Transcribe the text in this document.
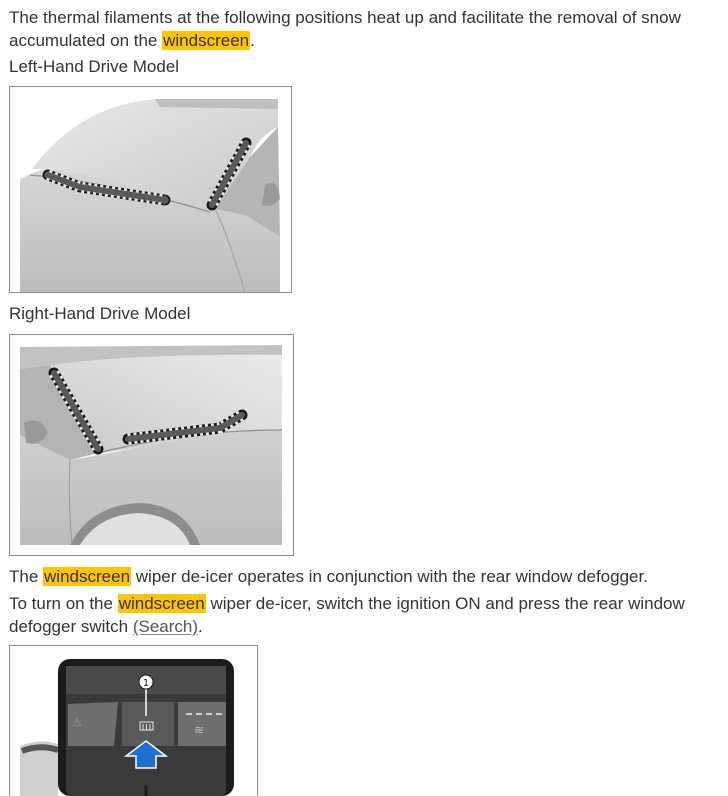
The thermal filaments at the following positions heat up and facilitate the removal of snow accumulated on the windscreen.

Left-Hand Drive Model

Right-Hand Drive Model

The windscreen wiper de-icer operates in conjunction with the rear window defogger.

To turn on the windscreen wiper de-icer, switch the ignition ON and press the rear window defogger switch (Search).

⚠
≋
1
